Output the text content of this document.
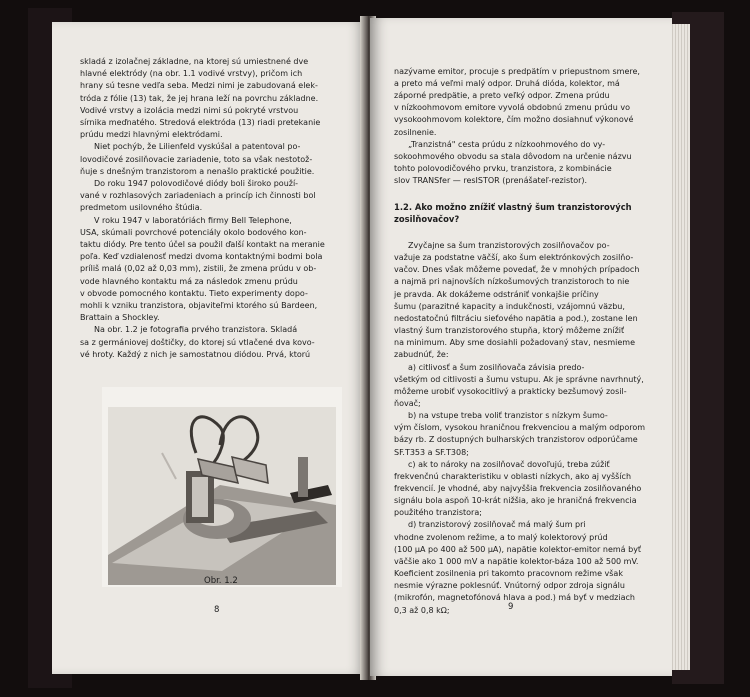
skladá z izolačnej základne, na ktorej sú umiestnené dve
hlavné elektródy (na obr. 1.1 vodivé vrstvy), pričom ich
hrany sú tesne vedľa seba. Medzi nimi je zabudovaná elek-
tróda z fólie (13) tak, že jej hrana leží na povrchu základne.
Vodivé vrstvy a izolácia medzi nimi sú pokryté vrstvou
sírnika meďnatého. Stredová elektróda (13) riadi pretekanie
prúdu medzi hlavnými elektródami.
Niet pochýb, že Lilienfeld vyskúšal a patentoval po-
lovodičové zosilňovacie zariadenie, toto sa však nestotož-
ňuje s dnešným tranzistorom a nenašlo praktické použitie.
Do roku 1947 polovodičové diódy boli široko použí-
vané v rozhlasových zariadeniach a princíp ich činnosti bol
predmetom usilovného štúdia.
V roku 1947 v laboratóriách firmy Bell Telephone,
USA, skúmali povrchové potenciály okolo bodového kon-
taktu diódy. Pre tento účel sa použil ďalší kontakt na meranie
poľa. Keď vzdialenosť medzi dvoma kontaktnými bodmi bola
príliš malá (0,02 až 0,03 mm), zistili, že zmena prúdu v ob-
vode hlavného kontaktu má za následok zmenu prúdu
v obvode pomocného kontaktu. Tieto experimenty dopo-
mohli k vzniku tranzistora, objaviteľmi ktorého sú Bardeen,
Brattain a Shockley.
Na obr. 1.2 je fotografia prvého tranzistora. Skladá
sa z germániovej doštičky, do ktorej sú vtlačené dva kovo-
vé hroty. Každý z nich je samostatnou diódou. Prvá, ktorú
Obr. 1.2
8
nazývame emitor, procuje s predpätím v priepustnom smere,
a preto má veľmi malý odpor. Druhá dióda, kolektor, má
záporné predpätie, a preto veľký odpor. Zmena prúdu
v nízkoohmovom emitore vyvolá obdobnú zmenu prúdu vo
vysokoohmovom kolektore, čím možno dosiahnuť výkonové
zosilnenie.
„Tranzistná" cesta prúdu z nízkoohmového do vy-
sokoohmového obvodu sa stala dôvodom na určenie názvu
tohto polovodičového prvku, tranzistora, z kombinácie
slov TRANSfer — resISTOR (prenášateľ-rezistor).
1.2. Ako možno znížiť vlastný šum tranzistorových
zosilňovačov?
Zvyčajne sa šum tranzistorových zosilňovačov po-
važuje za podstatne väčší, ako šum elektrónkových zosilňo-
vačov. Dnes však môžeme povedať, že v mnohých prípadoch
a najmä pri najnovších nízkošumových tranzistoroch to nie
je pravda. Ak dokážeme odstrániť vonkajšie príčiny
šumu (parazitné kapacity a indukčnosti, vzájomnú väzbu,
nedostatočnú filtráciu sieťového napätia a pod.), zostane len
vlastný šum tranzistorového stupňa, ktorý môžeme znížiť
na minimum. Aby sme dosiahli požadovaný stav, nesmieme
zabudnúť, že:
a) citlivosť a šum zosilňovača závisia predo-
všetkým od citlivosti a šumu vstupu. Ak je správne navrhnutý,
môžeme urobiť vysokocitlivý a prakticky bezšumový zosil-
ňovač;
b) na vstupe treba voliť tranzistor s nízkym šumo-
vým číslom, vysokou hraničnou frekvenciou a malým odporom
bázy rb. Z dostupných bulharských tranzistorov odporúčame
SF.T353 a SF.T308;
c) ak to nároky na zosilňovač dovoľujú, treba zúžiť
frekvenčnú charakteristiku v oblasti nízkych, ako aj vyšších
frekvencií. Je vhodné, aby najvyššia frekvencia zosilňovaného
signálu bola aspoň 10-krát nižšia, ako je hraničná frekvencia
použitého tranzistora;
d) tranzistorový zosilňovač má malý šum pri
vhodne zvolenom režime, a to malý kolektorový prúd
(100 μA po 400 až 500 μA), napätie kolektor-emitor nemá byť
väčšie ako 1 000 mV a napätie kolektor-báza 100 až 500 mV.
Koeficient zosilnenia pri takomto pracovnom režime však
nesmie výrazne poklesnúť. Vnútorný odpor zdroja signálu
(mikrofón, magnetofónová hlava a pod.) má byť v medziach
0,3 až 0,8 kΩ;	9
